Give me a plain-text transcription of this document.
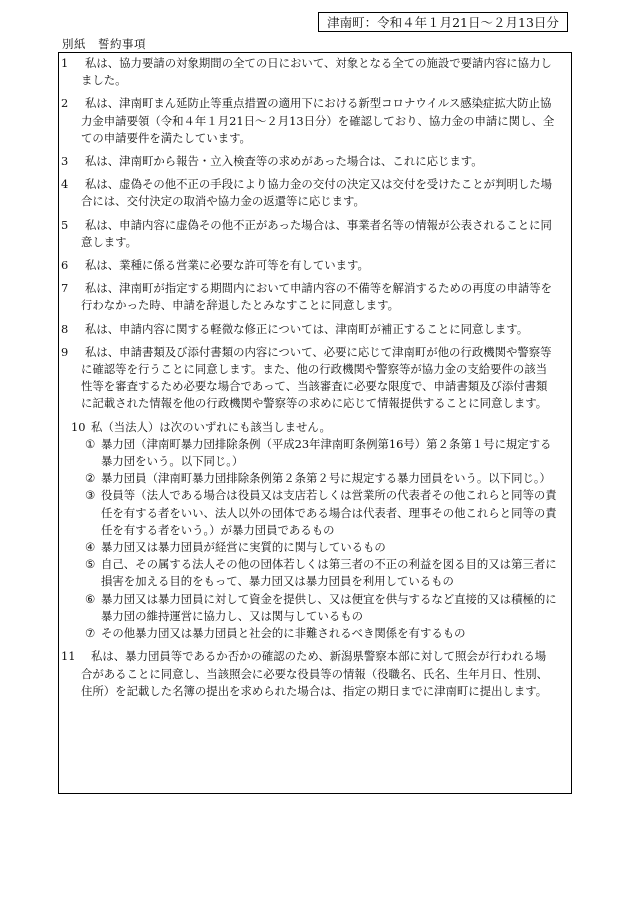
津南町：令和４年１月21日～２月13日分
別紙　誓約事項

1 私は、協力要請の対象期間の全ての日において、対象となる全ての施設で要請内容に協力しました。

2 私は、津南町まん延防止等重点措置の適用下における新型コロナウイルス感染症拡大防止協力金申請要領（令和４年１月21日～２月13日分）を確認しており、協力金の申請に関し、全ての申請要件を満たしています。

3 私は、津南町から報告・立入検査等の求めがあった場合は、これに応じます。

4 私は、虚偽その他不正の手段により協力金の交付の決定又は交付を受けたことが判明した場合には、交付決定の取消や協力金の返還等に応じます。

5 私は、申請内容に虚偽その他不正があった場合は、事業者名等の情報が公表されることに同意します。

6 私は、業種に係る営業に必要な許可等を有しています。

7 私は、津南町が指定する期間内において申請内容の不備等を解消するための再度の申請等を行わなかった時、申請を辞退したとみなすことに同意します。

8 私は、申請内容に関する軽微な修正については、津南町が補正することに同意します。

9 私は、申請書類及び添付書類の内容について、必要に応じて津南町が他の行政機関や警察等に確認等を行うことに同意します。また、他の行政機関や警察等が協力金の支給要件の該当性等を審査するため必要な場合であって、当該審査に必要な限度で、申請書類及び添付書類に記載された情報を他の行政機関や警察等の求めに応じて情報提供することに同意します。

10 私（当法人）は次のいずれにも該当しません。

① 暴力団（津南町暴力団排除条例（平成23年津南町条例第16号）第２条第１号に規定する暴力団をいう。以下同じ。）

② 暴力団員（津南町暴力団排除条例第２条第２号に規定する暴力団員をいう。以下同じ。）

③ 役員等（法人である場合は役員又は支店若しくは営業所の代表者その他これらと同等の責任を有する者をいい、法人以外の団体である場合は代表者、理事その他これらと同等の責任を有する者をいう。）が暴力団員であるもの

④ 暴力団又は暴力団員が経営に実質的に関与しているもの

⑤ 自己、その属する法人その他の団体若しくは第三者の不正の利益を図る目的又は第三者に損害を加える目的をもって、暴力団又は暴力団員を利用しているもの

⑥ 暴力団又は暴力団員に対して資金を提供し、又は便宜を供与するなど直接的又は積極的に暴力団の維持運営に協力し、又は関与しているもの

⑦ その他暴力団又は暴力団員と社会的に非難されるべき関係を有するもの

11 私は、暴力団員等であるか否かの確認のため、新潟県警察本部に対して照会が行われる場合があることに同意し、当該照会に必要な役員等の情報（役職名、氏名、生年月日、性別、住所）を記載した名簿の提出を求められた場合は、指定の期日までに津南町に提出します。
